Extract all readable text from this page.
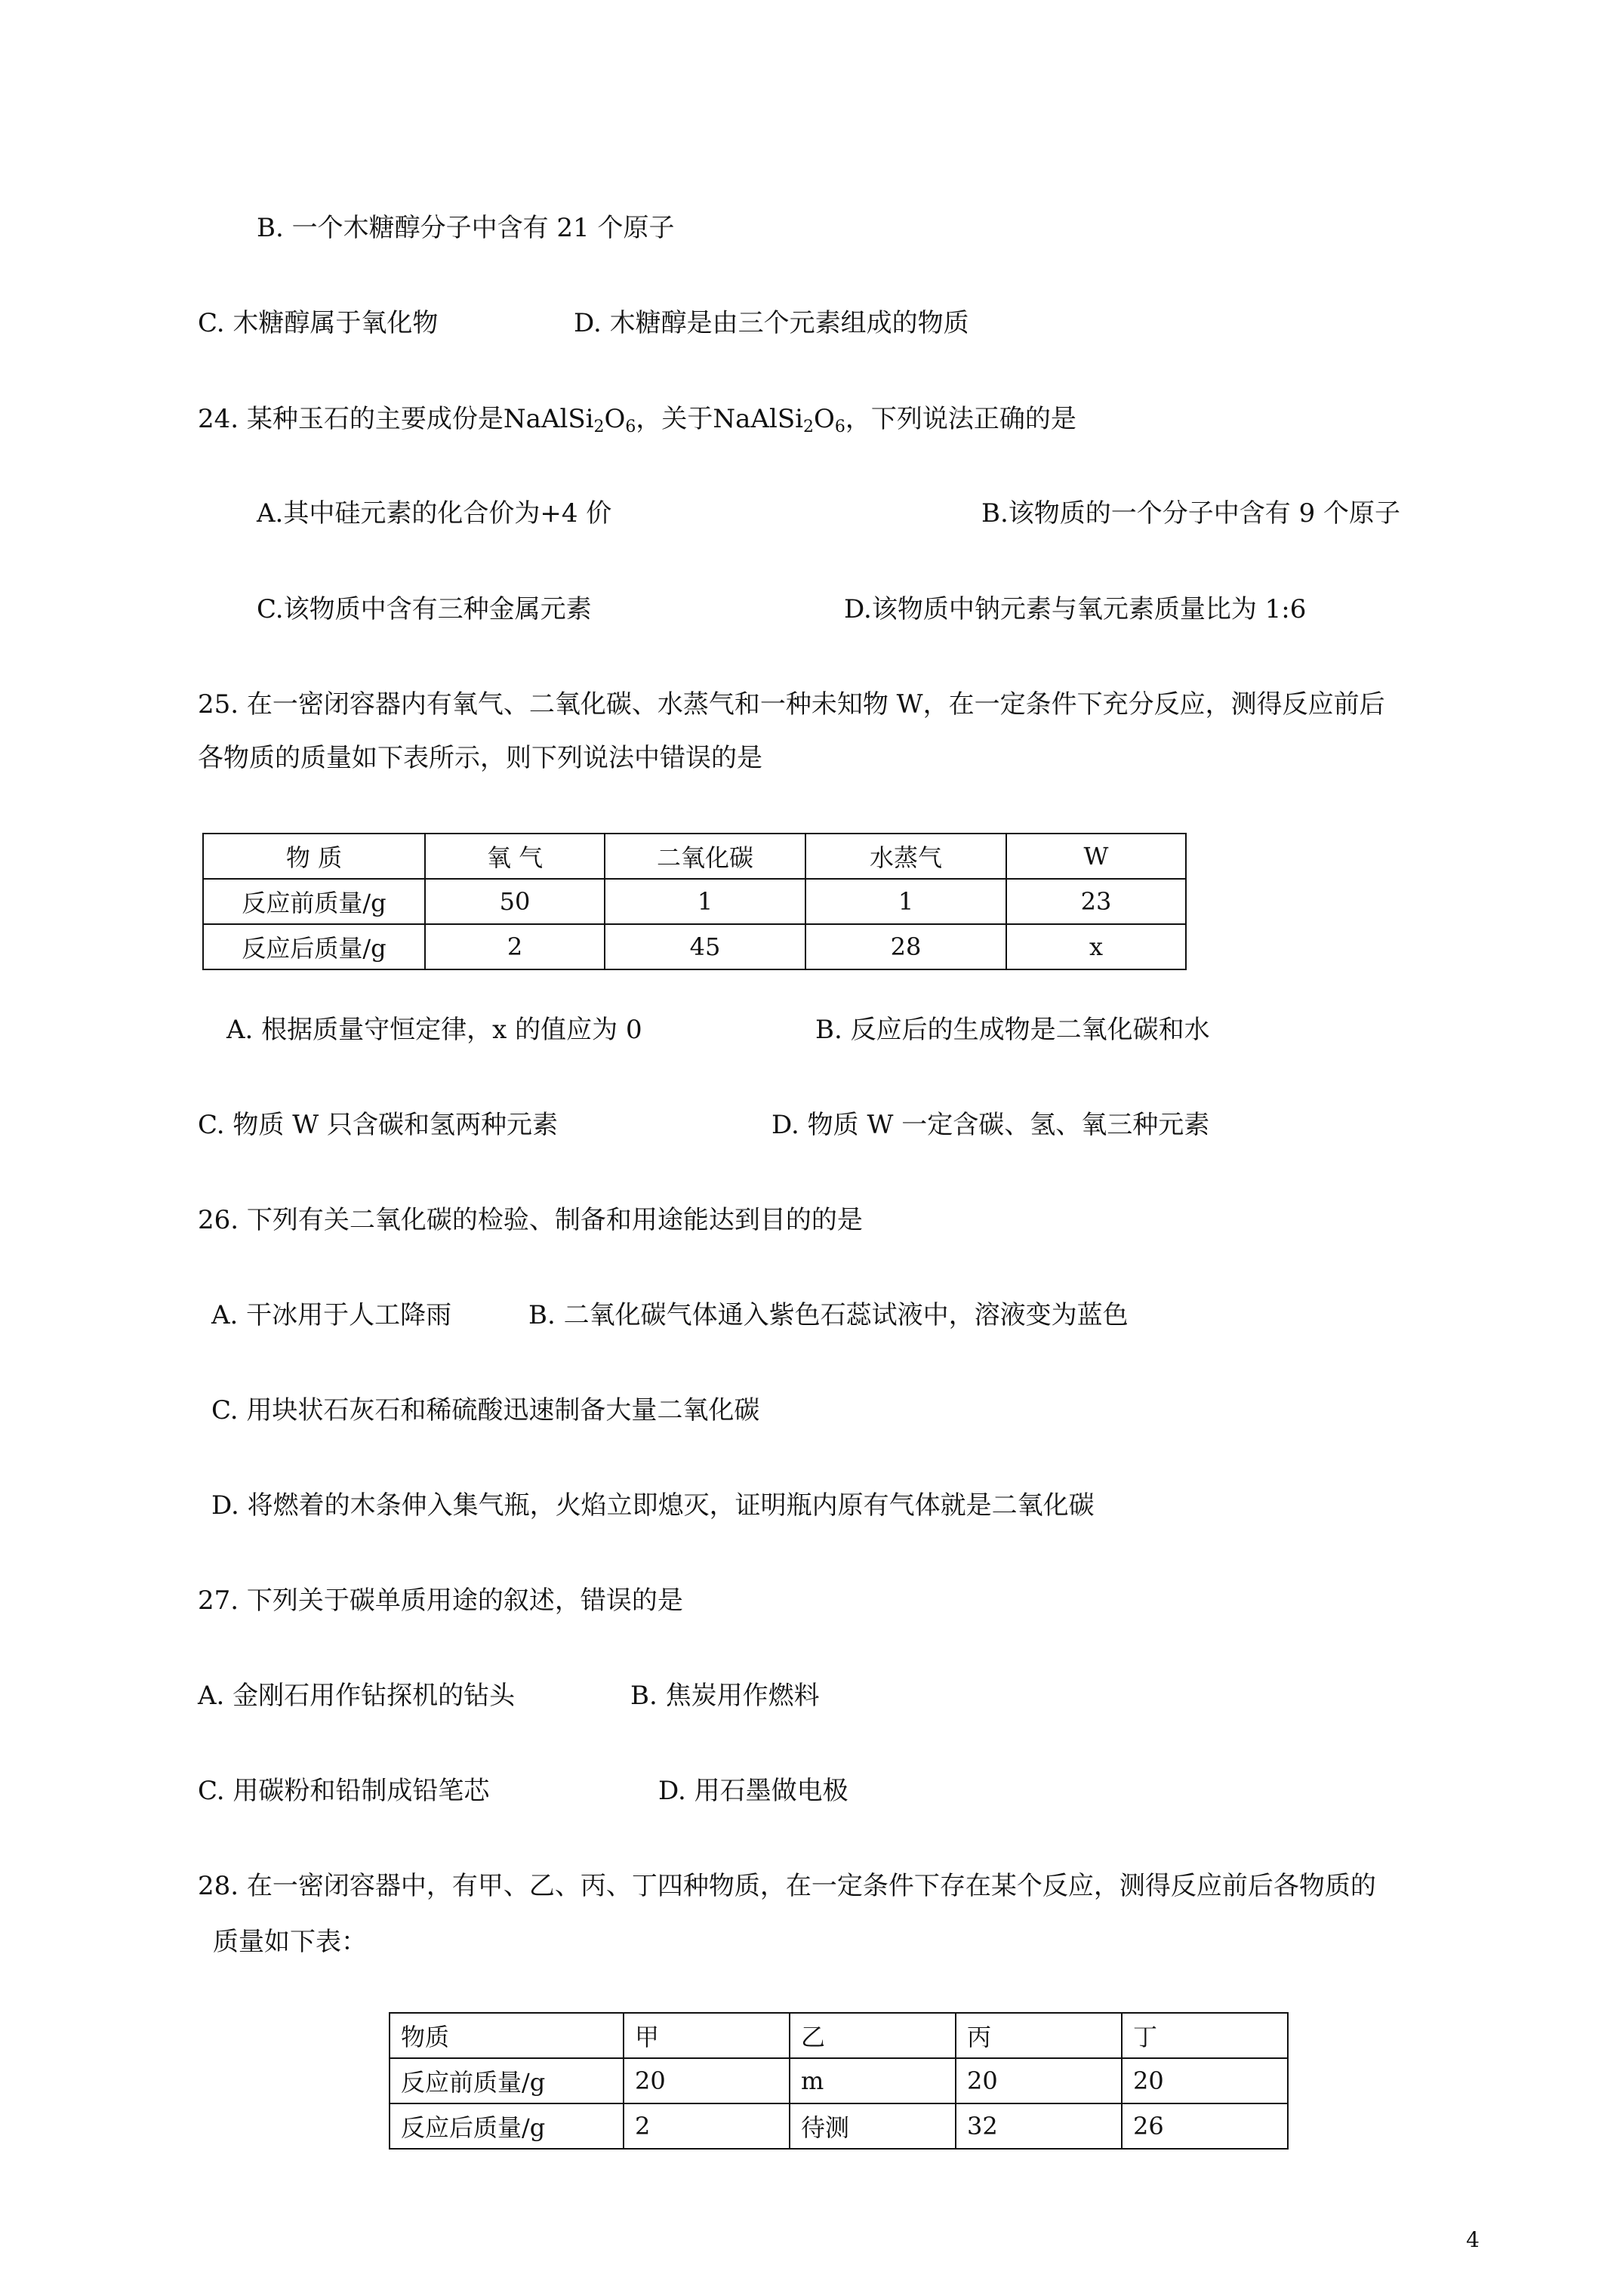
B. 一个木糖醇分子中含有 21 个原子
C. 木糖醇属于氧化物	D. 木糖醇是由三个元素组成的物质
24. 某种玉石的主要成份是$NaAlSi_2O_6$，关于$NaAlSi_2O_6$，下列说法正确的是
A.其中硅元素的化合价为+4 价	B.该物质的一个分子中含有 9 个原子
C.该物质中含有三种金属元素	D.该物质中钠元素与氧元素质量比为 1:6
25. 在一密闭容器内有氧气、二氧化碳、水蒸气和一种未知物 W，在一定条件下充分反应，测得反应前后
各物质的质量如下表所示，则下列说法中错误的是
物 质	氧 气	二氧化碳	水蒸气	W
反应前质量/g	50	1	1	23
反应后质量/g	2	45	28	x
A. 根据质量守恒定律，x 的值应为 0	B. 反应后的生成物是二氧化碳和水
C. 物质 W 只含碳和氢两种元素	D. 物质 W 一定含碳、氢、氧三种元素
26. 下列有关二氧化碳的检验、制备和用途能达到目的的是
A. 干冰用于人工降雨	B. 二氧化碳气体通入紫色石蕊试液中，溶液变为蓝色
C. 用块状石灰石和稀硫酸迅速制备大量二氧化碳
D. 将燃着的木条伸入集气瓶，火焰立即熄灭，证明瓶内原有气体就是二氧化碳
27. 下列关于碳单质用途的叙述，错误的是
A. 金刚石用作钻探机的钻头	B. 焦炭用作燃料
C. 用碳粉和铅制成铅笔芯	D. 用石墨做电极
28. 在一密闭容器中，有甲、乙、丙、丁四种物质，在一定条件下存在某个反应，测得反应前后各物质的
质量如下表：
物质	甲	乙	丙	丁
反应前质量/g	20	m	20	20
反应后质量/g	2	待测	32	26
4
